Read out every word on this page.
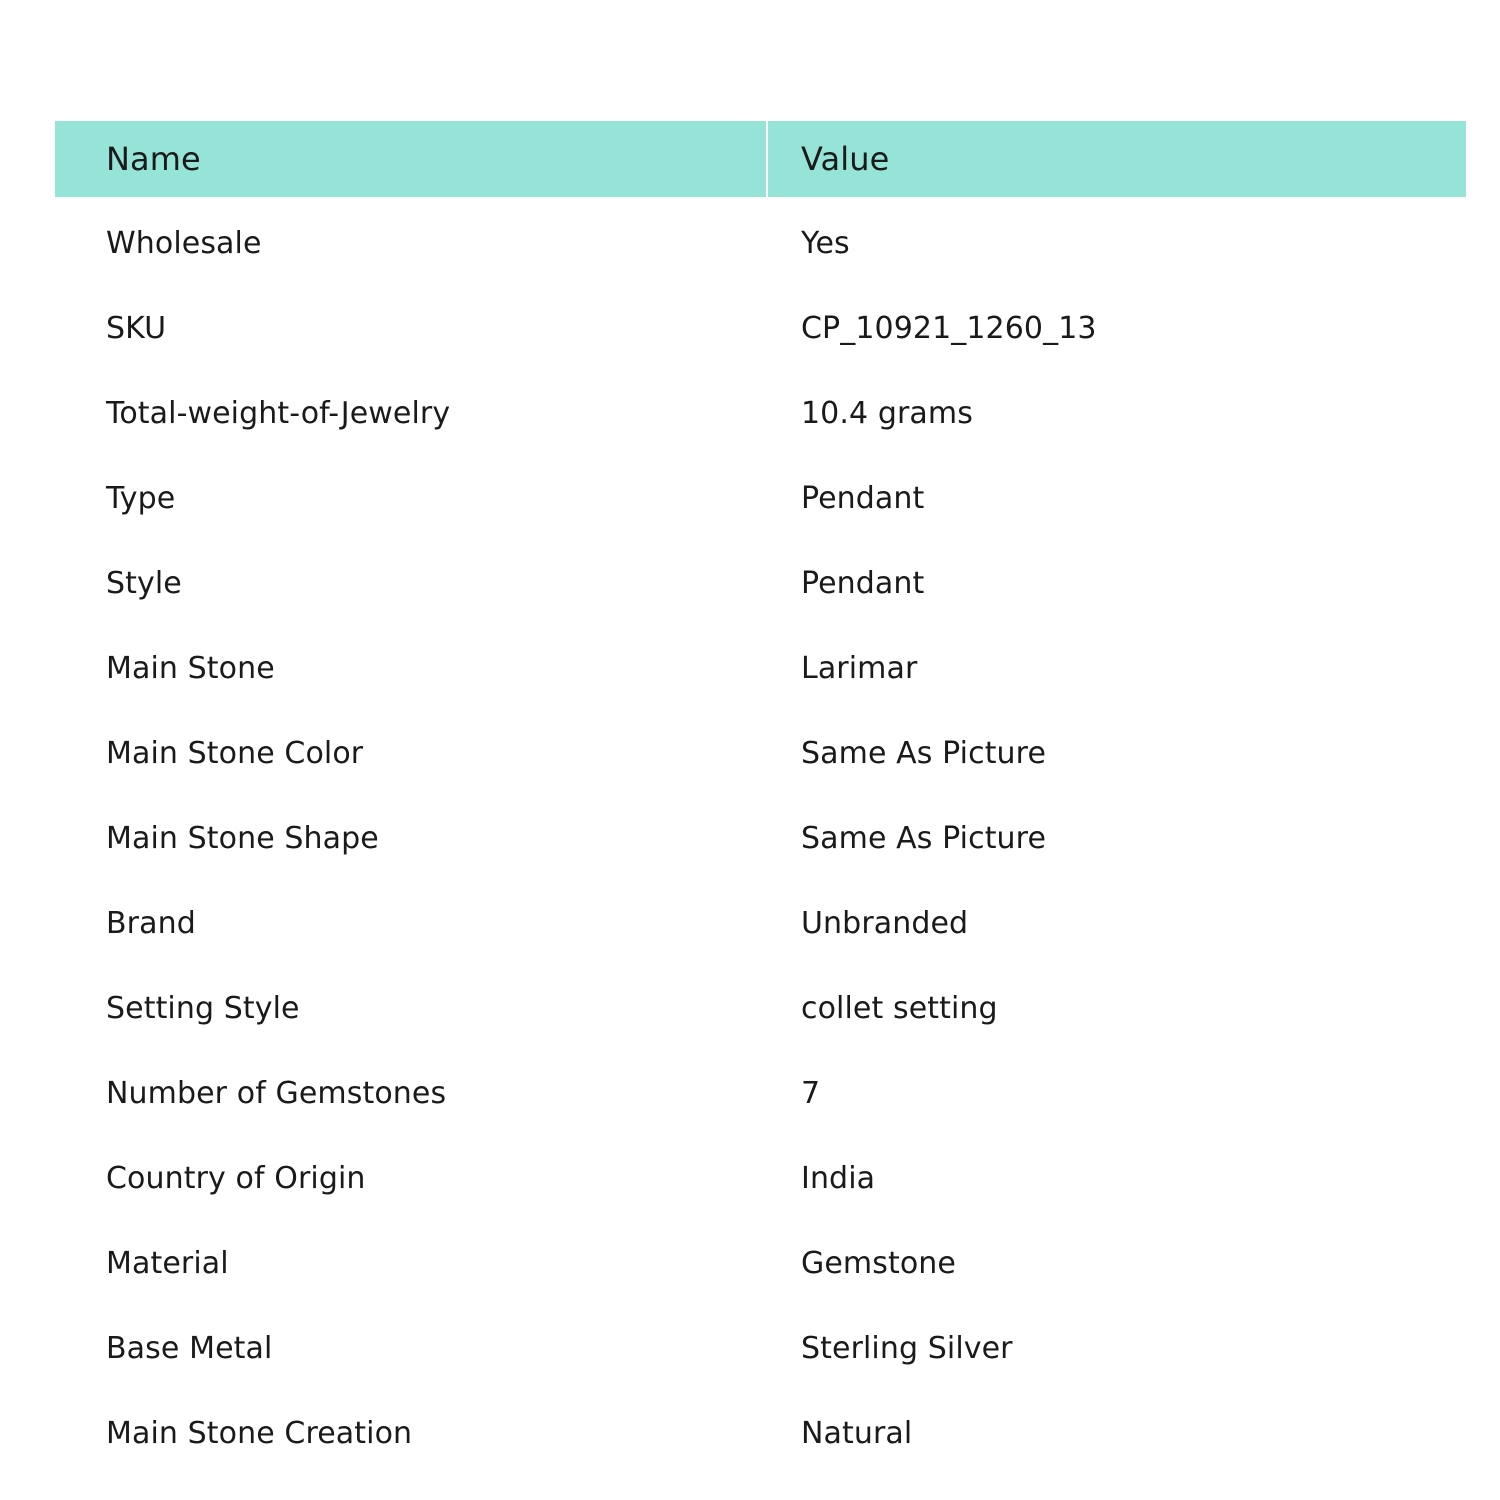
Name	Value
Wholesale	Yes
SKU	CP_10921_1260_13
Total-weight-of-Jewelry	10.4 grams
Type	Pendant
Style	Pendant
Main Stone	Larimar
Main Stone Color	Same As Picture
Main Stone Shape	Same As Picture
Brand	Unbranded
Setting Style	collet setting
Number of Gemstones	7
Country of Origin	India
Material	Gemstone
Base Metal	Sterling Silver
Main Stone Creation	Natural
